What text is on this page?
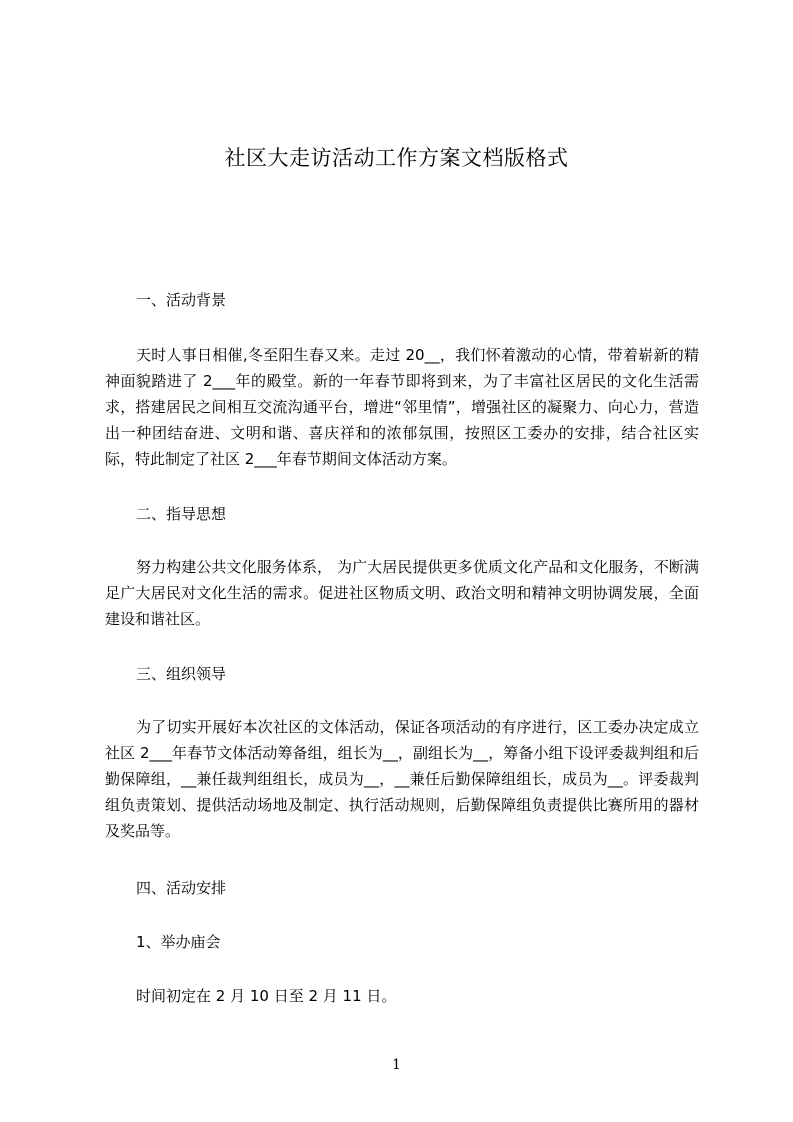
社区大走访活动工作方案文档版格式
一、活动背景

天时人事日相催,冬至阳生春又来。走过 20__，我们怀着激动的心情，带着崭新的精神面貌踏进了 2___年的殿堂。新的一年春节即将到来，为了丰富社区居民的文化生活需求，搭建居民之间相互交流沟通平台，增进“邻里情”，增强社区的凝聚力、向心力，营造出一种团结奋进、文明和谐、喜庆祥和的浓郁氛围，按照区工委办的安排，结合社区实际，特此制定了社区 2___年春节期间文体活动方案。

二、指导思想

努力构建公共文化服务体系， 为广大居民提供更多优质文化产品和文化服务，不断满足广大居民对文化生活的需求。促进社区物质文明、政治文明和精神文明协调发展，全面建设和谐社区。

三、组织领导

为了切实开展好本次社区的文体活动，保证各项活动的有序进行，区工委办决定成立社区 2___年春节文体活动筹备组，组长为__，副组长为__，筹备小组下设评委裁判组和后勤保障组，__兼任裁判组组长，成员为__，__兼任后勤保障组组长，成员为__。评委裁判组负责策划、提供活动场地及制定、执行活动规则，后勤保障组负责提供比赛所用的器材及奖品等。

四、活动安排
1、举办庙会
时间初定在 2 月 10 日至 2 月 11 日。
1
